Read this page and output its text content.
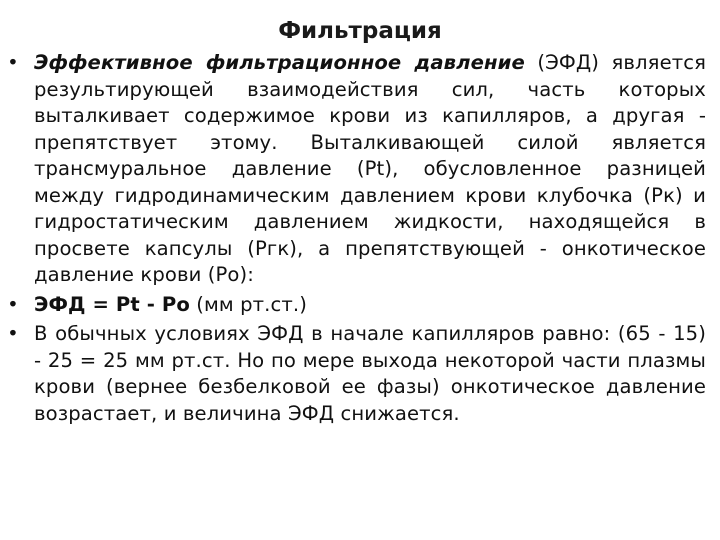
Фильтрация
• Эффективное фильтрационное давление (ЭФД) является результирующей взаимодействия сил, часть которых выталкивает содержимое крови из капилляров, а другая - препятствует этому. Выталкивающей силой является трансмуральное давление (Pt), обусловленное разницей между гидродинамическим давлением крови клубочка (Рк) и гидростатическим давлением жидкости, находящейся в просвете капсулы (Ргк), а препятствующей - онкотическое давление крови (Ро):

• ЭФД = Pt - Ро (мм рт.ст.)

• В обычных условиях ЭФД в начале капилляров равно: (65 - 15) - 25 = 25 мм рт.ст. Но по мере выхода некоторой части плазмы крови (вернее безбелковой ее фазы) онкотическое давление возрастает, и величина ЭФД снижается.
